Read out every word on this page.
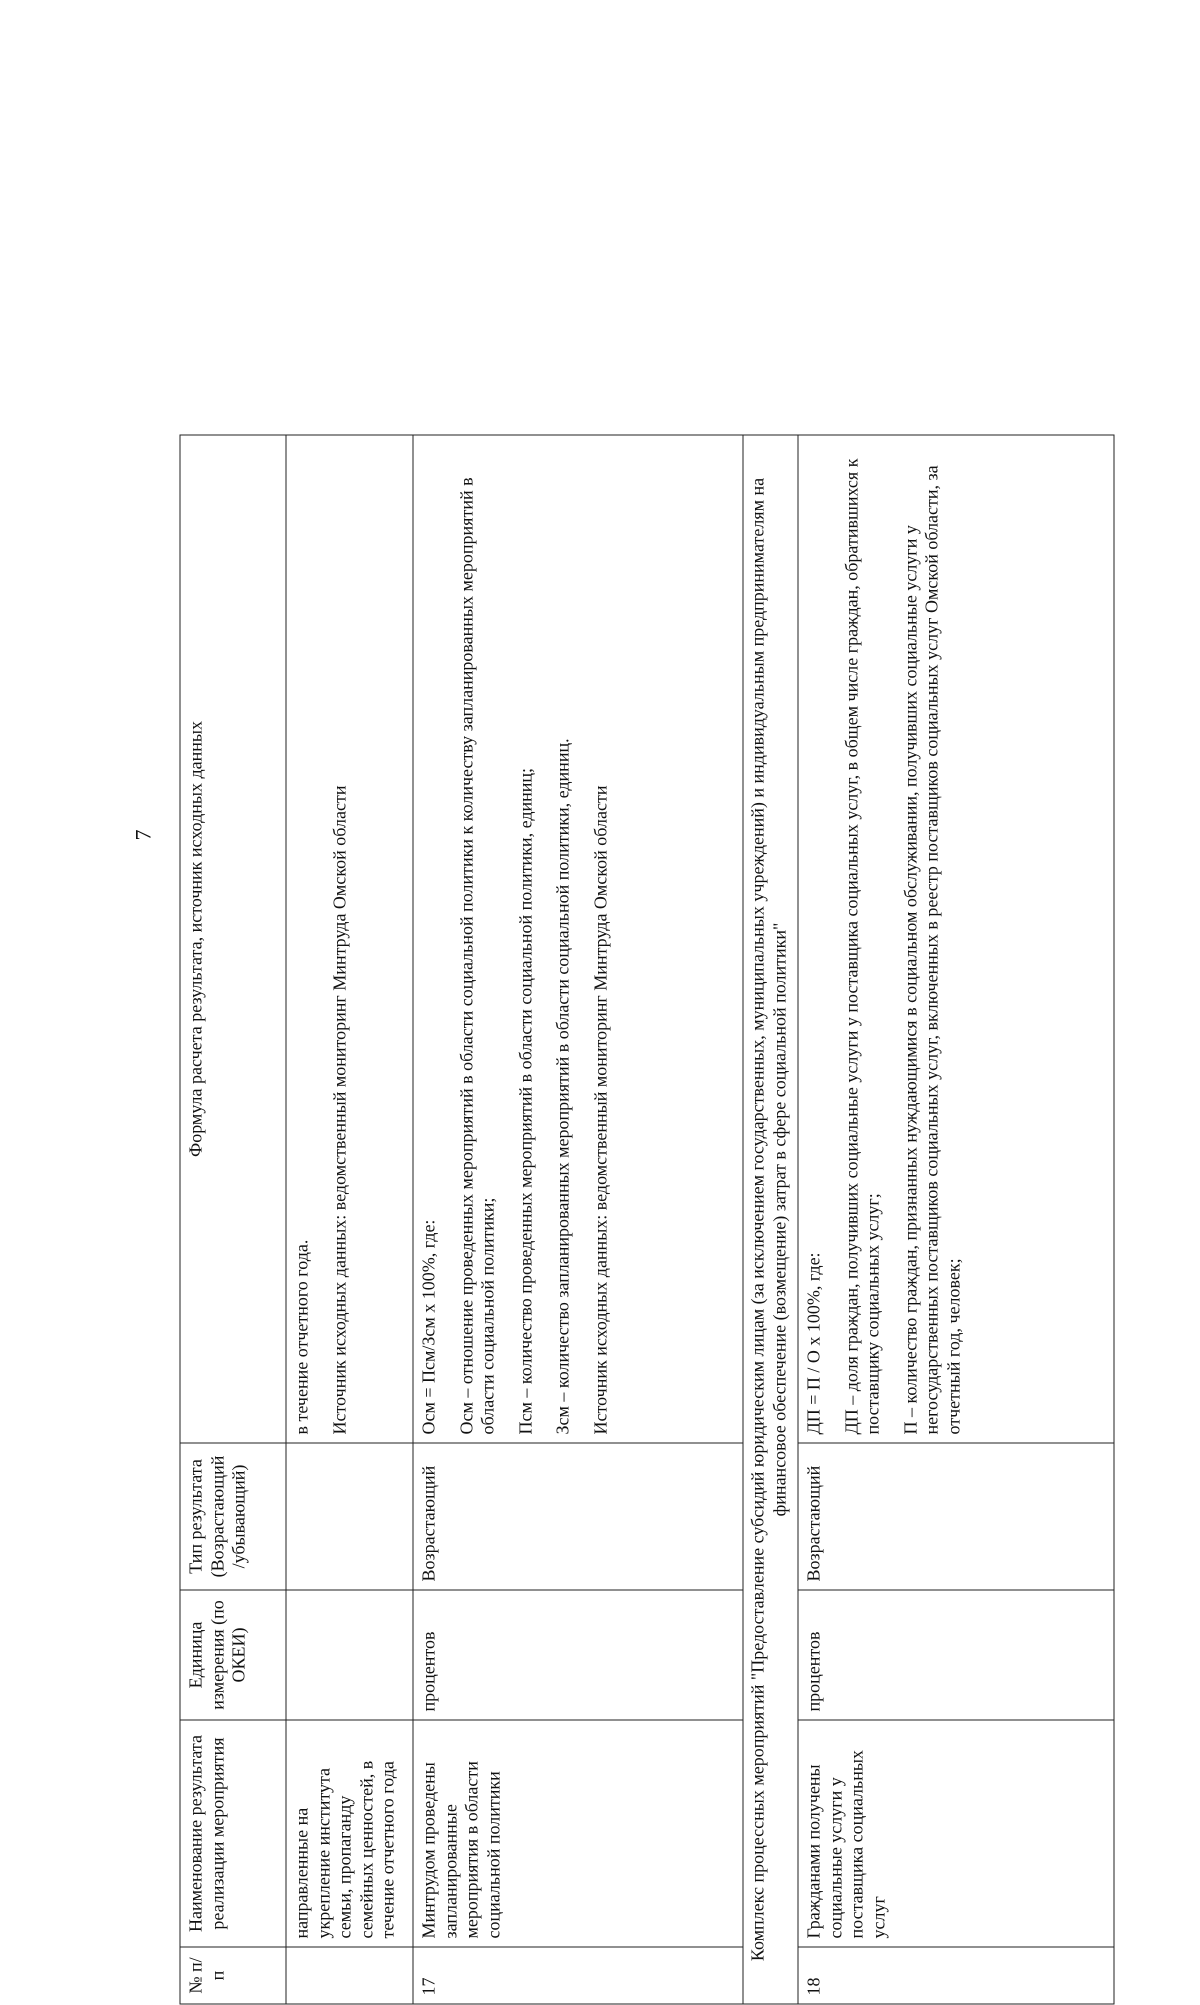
7
№ п/п	Наименование результата реализации мероприятия	Единица измерения (по ОКЕИ)	Тип результата (Возрастающий /убывающий)	Формула расчета результата, источник исходных данных
	направленные на укрепление института семьи, пропаганду семейных ценностей, в течение отчетного года			в течение отчетного года. Источник исходных данных: ведомственный мониторинг Минтруда Омской области

17	Минтрудом проведены запланированные мероприятия в области социальной политики	процентов	Возрастающий	Осм = Псм/Зсм х 100%, где: Осм – отношение проведенных мероприятий в области социальной политики к количеству запланированных мероприятий в области социальной политики; Псм – количество проведенных мероприятий в области социальной политики, единиц; Зсм – количество запланированных мероприятий в области социальной политики, единиц. Источник исходных данных: ведомственный мониторинг Минтруда Омской области

Комплекс процессных мероприятий "Предоставление субсидий юридическим лицам (за исключением государственных, муниципальных учреждений) и индивидуальным предпринимателям на финансовое обеспечение (возмещение) затрат в сфере социальной политики"				
18	Гражданами получены социальные услуги у поставщика социальных услуг	процентов	Возрастающий	ДП = П / О х 100%, где: ДП – доля граждан, получивших социальные услуги у поставщика социальных услуг, в общем числе граждан, обратившихся к поставщику социальных услуг; П – количество граждан, признанных нуждающимися в социальном обслуживании, получивших социальные услуги у негосударственных поставщиков социальных услуг, включенных в реестр поставщиков социальных услуг Омской области, за отчетный год, человек;
